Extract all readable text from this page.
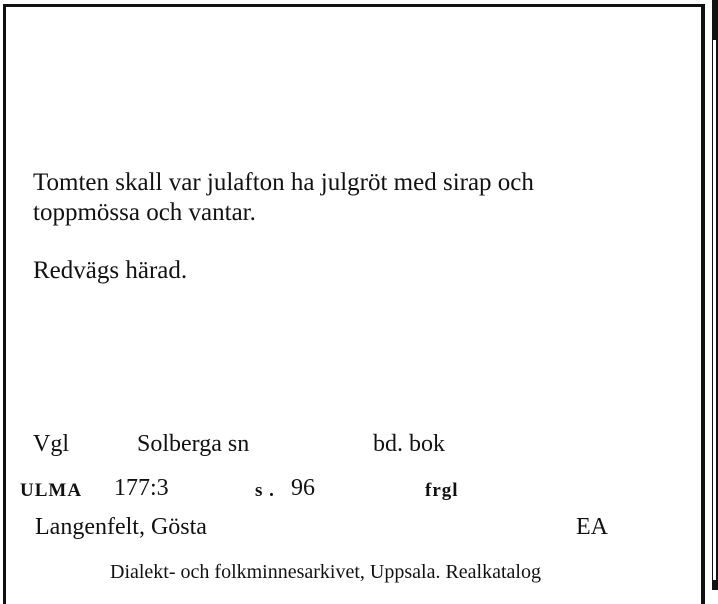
Tomten skall var julafton ha julgröt med sirap och

toppmössa och vantar.

Redvägs härad.

Vgl	Solberga sn	bd. bok
ULMA 177:3	s . 96	frgl
Langenfelt, Gösta	EA
Dialekt- och folkminnesarkivet, Uppsala. Realkatalog
